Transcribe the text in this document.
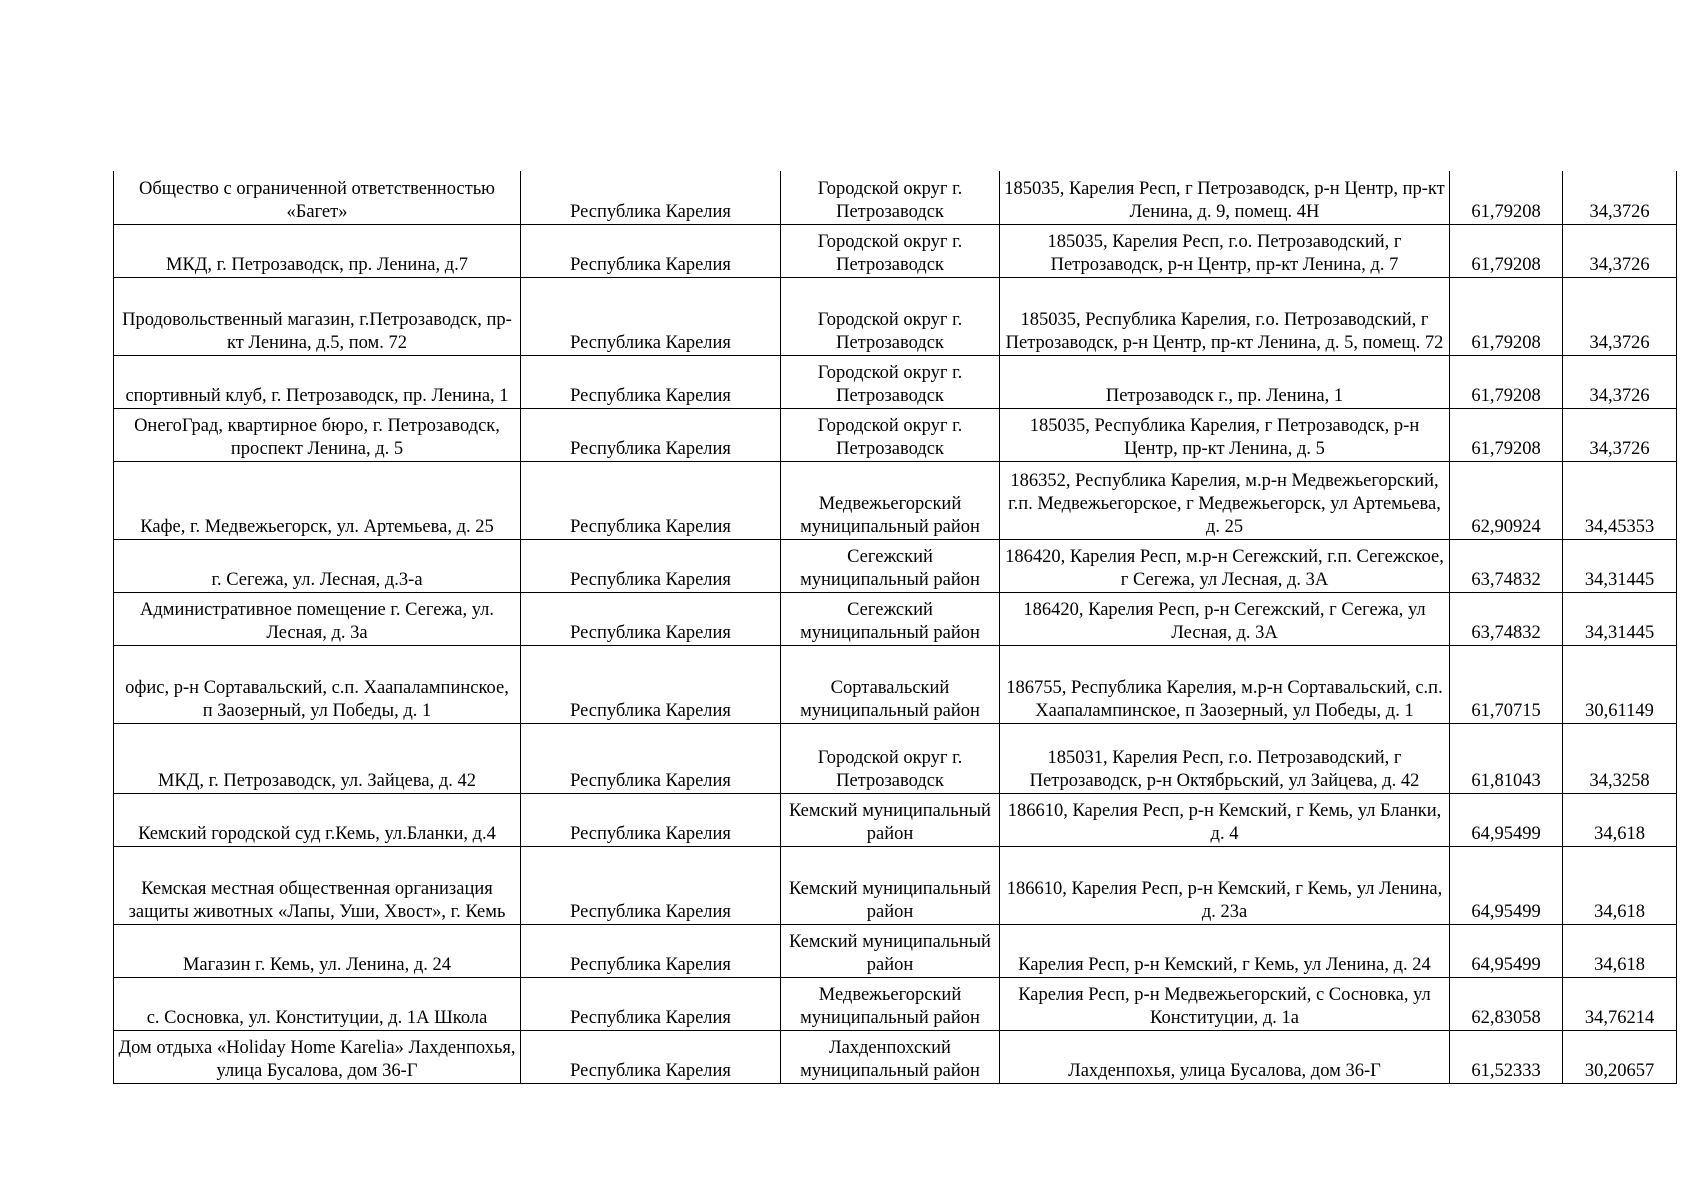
Общество с ограниченной ответственностью «Багет»	Республика Карелия	Городской округ г. Петрозаводск	185035, Карелия Респ, г Петрозаводск, р-н Центр, пр-кт Ленина, д. 9, помещ. 4Н	61,79208	34,3726
МКД, г. Петрозаводск, пр. Ленина, д.7	Республика Карелия	Городской округ г. Петрозаводск	185035, Карелия Респ, г.о. Петрозаводский, г Петрозаводск, р-н Центр, пр-кт Ленина, д. 7	61,79208	34,3726
Продовольственный магазин, г.Петрозаводск, пр-кт Ленина, д.5, пом. 72	Республика Карелия	Городской округ г. Петрозаводск	185035, Республика Карелия, г.о. Петрозаводский, г Петрозаводск, р-н Центр, пр-кт Ленина, д. 5, помещ. 72	61,79208	34,3726
спортивный клуб, г. Петрозаводск, пр. Ленина, 1	Республика Карелия	Городской округ г. Петрозаводск	Петрозаводск г., пр. Ленина, 1	61,79208	34,3726
ОнегоГрад, квартирное бюро, г. Петрозаводск, проспект Ленина, д. 5	Республика Карелия	Городской округ г. Петрозаводск	185035, Республика Карелия, г Петрозаводск, р-н Центр, пр-кт Ленина, д. 5	61,79208	34,3726
Кафе, г. Медвежьегорск, ул. Артемьева, д. 25	Республика Карелия	Медвежьегорский муниципальный район	186352, Республика Карелия, м.р-н Медвежьегорский, г.п. Медвежьегорское, г Медвежьегорск, ул Артемьева, д. 25	62,90924	34,45353
г. Сегежа, ул. Лесная, д.3-а	Республика Карелия	Сегежский муниципальный район	186420, Карелия Респ, м.р-н Сегежский, г.п. Сегежское, г Сегежа, ул Лесная, д. 3А	63,74832	34,31445
Административное помещение г. Сегежа, ул. Лесная, д. 3а	Республика Карелия	Сегежский муниципальный район	186420, Карелия Респ, р-н Сегежский, г Сегежа, ул Лесная, д. 3А	63,74832	34,31445
офис, р-н Сортавальский, с.п. Хаапалампинское, п Заозерный, ул Победы, д. 1	Республика Карелия	Сортавальский муниципальный район	186755, Республика Карелия, м.р-н Сортавальский, с.п. Хаапалампинское, п Заозерный, ул Победы, д. 1	61,70715	30,61149
МКД, г. Петрозаводск, ул. Зайцева, д. 42	Республика Карелия	Городской округ г. Петрозаводск	185031, Карелия Респ, г.о. Петрозаводский, г Петрозаводск, р-н Октябрьский, ул Зайцева, д. 42	61,81043	34,3258
Кемский городской суд г.Кемь, ул.Бланки, д.4	Республика Карелия	Кемский муниципальный район	186610, Карелия Респ, р-н Кемский, г Кемь, ул Бланки, д. 4	64,95499	34,618
Кемская местная общественная организация защиты животных «Лапы, Уши, Хвост», г. Кемь	Республика Карелия	Кемский муниципальный район	186610, Карелия Респ, р-н Кемский, г Кемь, ул Ленина, д. 23а	64,95499	34,618
Магазин г. Кемь, ул. Ленина, д. 24	Республика Карелия	Кемский муниципальный район	Карелия Респ, р-н Кемский, г Кемь, ул Ленина, д. 24	64,95499	34,618
с. Сосновка, ул. Конституции, д. 1А Школа	Республика Карелия	Медвежьегорский муниципальный район	Карелия Респ, р-н Медвежьегорский, с Сосновка, ул Конституции, д. 1а	62,83058	34,76214
Дом отдыха «Holiday Home Karelia» Лахденпохья, улица Бусалова, дом 36-Г	Республика Карелия	Лахденпохский муниципальный район	Лахденпохья, улица Бусалова, дом 36-Г	61,52333	30,20657
